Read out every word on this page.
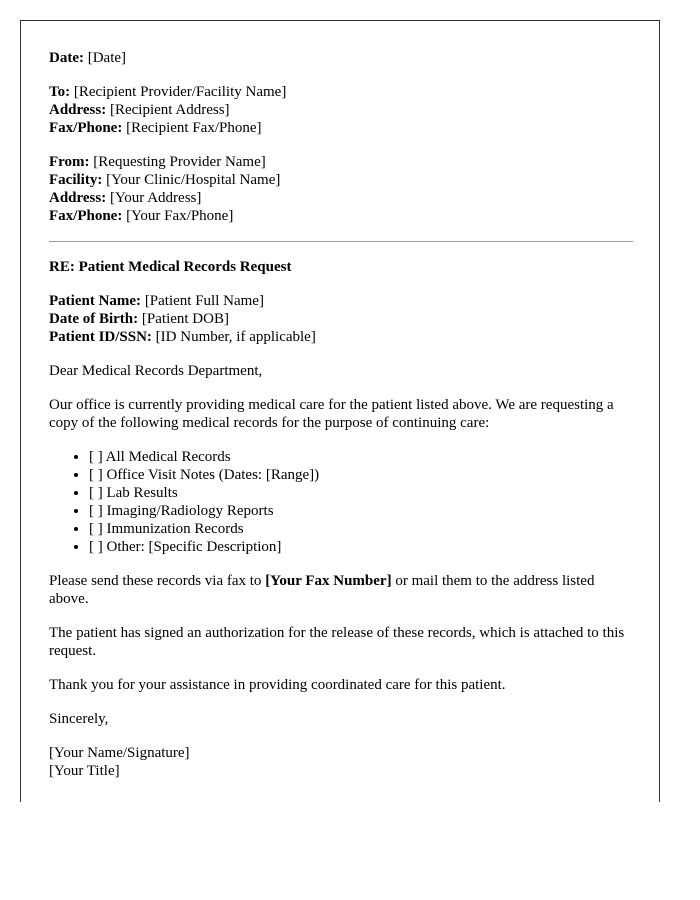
Date: [Date]
To: [Recipient Provider/Facility Name]
Address: [Recipient Address]
Fax/Phone: [Recipient Fax/Phone]
From: [Requesting Provider Name]
Facility: [Your Clinic/Hospital Name]
Address: [Your Address]
Fax/Phone: [Your Fax/Phone]
RE: Patient Medical Records Request
Patient Name: [Patient Full Name]
Date of Birth: [Patient DOB]
Patient ID/SSN: [ID Number, if applicable]

Dear Medical Records Department,

Our office is currently providing medical care for the patient listed above. We are requesting a copy of the following medical records for the purpose of continuing care:

• [ ] All Medical Records
• [ ] Office Visit Notes (Dates: [Range])
• [ ] Lab Results
• [ ] Imaging/Radiology Reports
• [ ] Immunization Records
• [ ] Other: [Specific Description]

Please send these records via fax to [Your Fax Number] or mail them to the address listed above.

The patient has signed an authorization for the release of these records, which is attached to this request.

Thank you for your assistance in providing coordinated care for this patient.

Sincerely,

[Your Name/Signature]
[Your Title]
